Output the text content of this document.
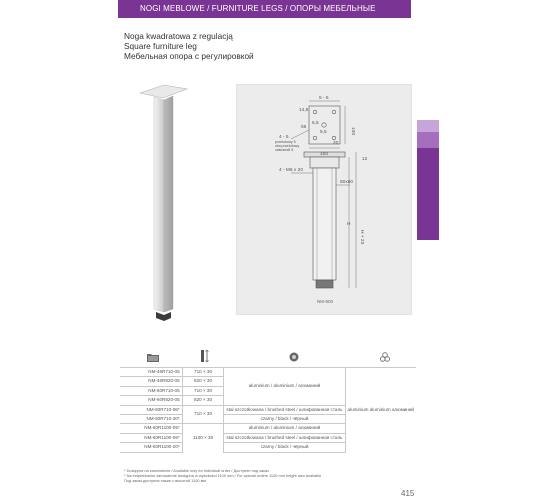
NOGI MEBLOWE / FURNITURE LEGS / ОПОРЫ МЕБЕЛЬНЫЕ
Noga kwadratowa z regulacją
Square furniture leg
Мебельная опора с регулировкой
5 - 5
100
100
14,5
55
5,5
5,5
20
4 - 5
przelotowy 5
otw.przelotowy
сквозной 5
4 - M6 x 20
60x60
12
H
H + 20
NM-600
NM-46R710-05	710 × 30	aluminium / aluminium / алюминий	aluminium aluminium алюминий
NM-46R820-05	820 × 30		
NM-60R710-05	710 × 30		
NM-60R820-05	820 × 30		
NM-60R710-06*	710 × 30	stal szczotkowana / brushed steel / шлифованная сталь	
NM-60R710-20*		czarny / black / чёрный	
NM-60R1100-05*	1100 × 30	aluminium / aluminium / алюминий	
NM-60R1100-06*		stal szczotkowana / brushed steel / шлифованная сталь	
NM-60R1100-20*		czarny / black / чёрный	
* Dostępna na zamówienie / Available only for individual order / Доступен под заказ
* Na indywidualne zamówienie dostępna w wysokości 1100 mm / For special orders 1100 mm height also available
Под заказ доступна также с высотой 1100 мм
415
